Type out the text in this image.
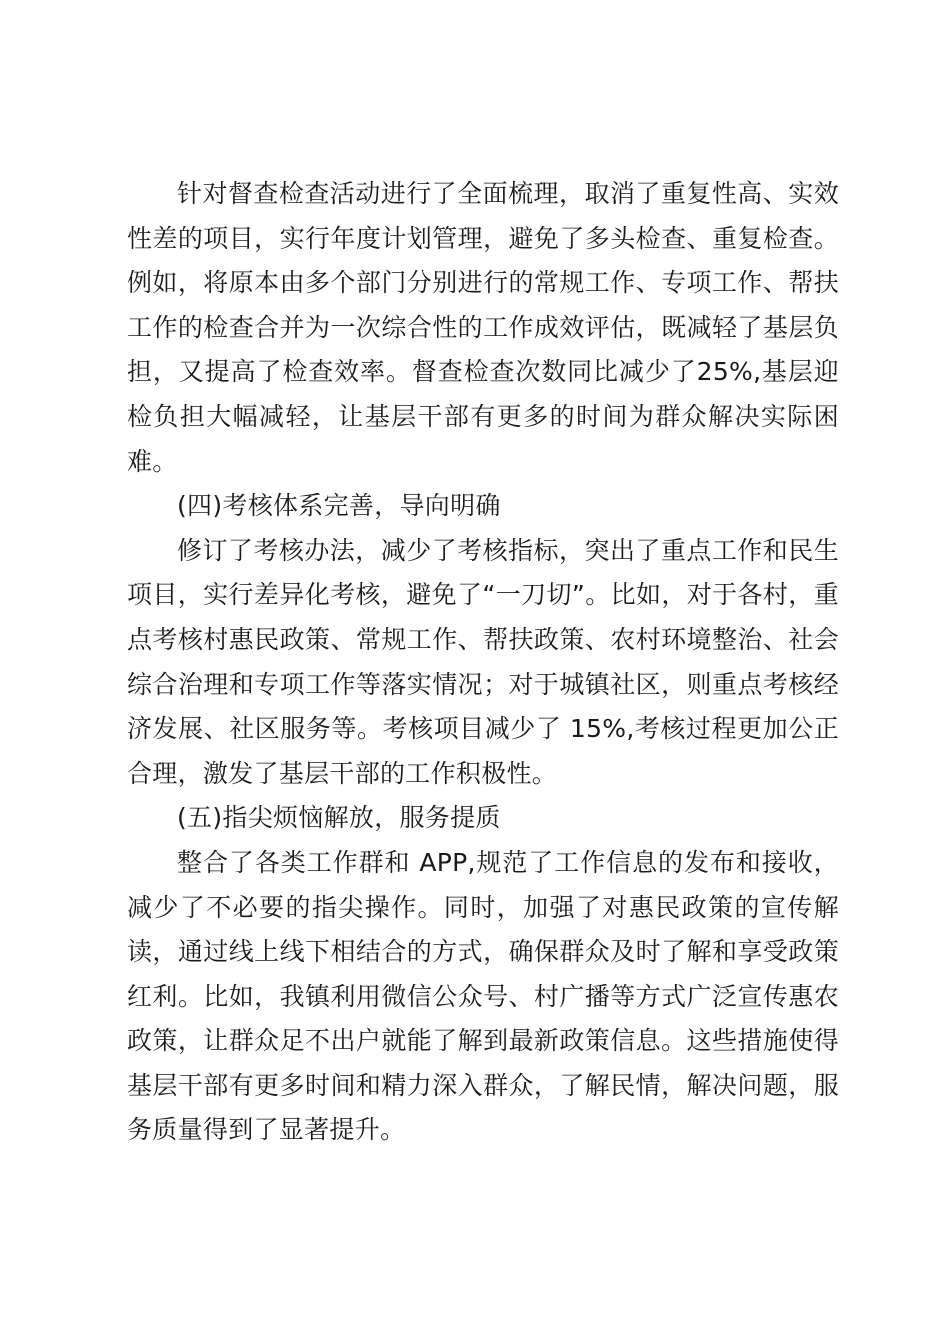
针对督查检查活动进行了全面梳理，取消了重复性高、实效性差的项目，实行年度计划管理，避免了多头检查、重复检查。例如，将原本由多个部门分别进行的常规工作、专项工作、帮扶工作的检查合并为一次综合性的工作成效评估，既减轻了基层负担，又提高了检查效率。督查检查次数同比减少了25%,基层迎检负担大幅减轻，让基层干部有更多的时间为群众解决实际困难。

(四)考核体系完善，导向明确

修订了考核办法，减少了考核指标，突出了重点工作和民生项目，实行差异化考核，避免了“一刀切”。比如，对于各村，重点考核村惠民政策、常规工作、帮扶政策、农村环境整治、社会综合治理和专项工作等落实情况；对于城镇社区，则重点考核经济发展、社区服务等。考核项目减少了 15%,考核过程更加公正合理，激发了基层干部的工作积极性。

(五)指尖烦恼解放，服务提质

整合了各类工作群和 APP,规范了工作信息的发布和接收，减少了不必要的指尖操作。同时，加强了对惠民政策的宣传解读，通过线上线下相结合的方式，确保群众及时了解和享受政策红利。比如，我镇利用微信公众号、村广播等方式广泛宣传惠农政策，让群众足不出户就能了解到最新政策信息。这些措施使得基层干部有更多时间和精力深入群众，了解民情，解决问题，服务质量得到了显著提升。
